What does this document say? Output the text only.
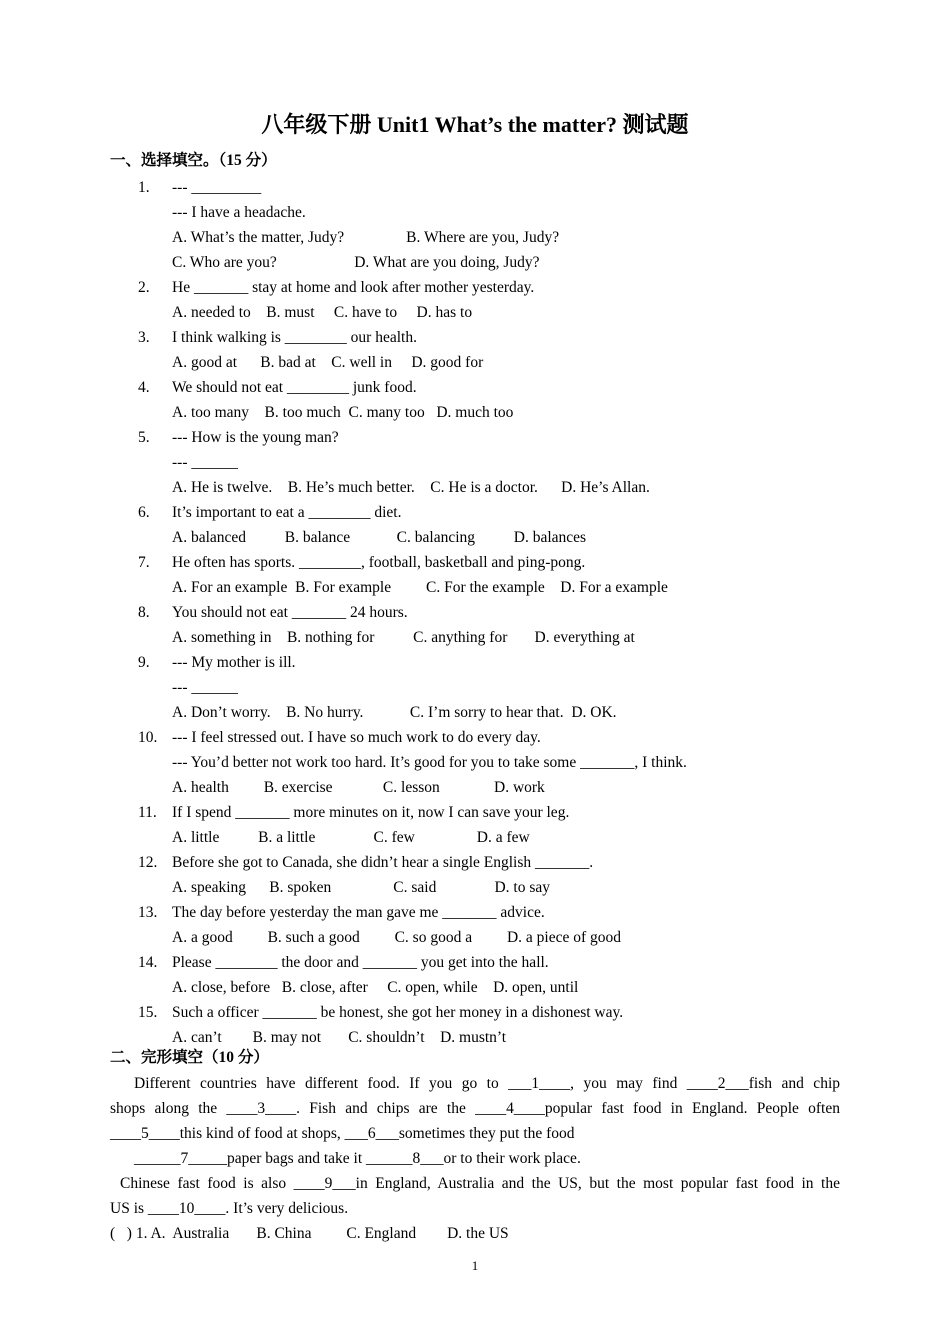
八年级下册 Unit1 What’s the matter? 测试题
一、选择填空。（15 分）
1.	--- _________
--- I have a headache.
A. What’s the matter, Judy?                B. Where are you, Judy?
C. Who are you?                    D. What are you doing, Judy?
2.	He _______ stay at home and look after mother yesterday.
A. needed to    B. must     C. have to     D. has to
3.	I think walking is ________ our health.
A. good at      B. bad at    C. well in     D. good for
4.	We should not eat ________ junk food.
A. too many    B. too much  C. many too   D. much too
5.	--- How is the young man?
--- ______
A. He is twelve.    B. He’s much better.    C. He is a doctor.      D. He’s Allan.
6.	It’s important to eat a ________ diet.
A. balanced          B. balance            C. balancing          D. balances
7.	He often has sports. ________, football, basketball and ping-pong.
A. For an example  B. For example         C. For the example    D. For a example
8.	You should not eat _______ 24 hours.
A. something in    B. nothing for          C. anything for       D. everything at
9.	--- My mother is ill.
--- ______
A. Don’t worry.    B. No hurry.            C. I’m sorry to hear that.  D. OK.
10. --- I feel stressed out. I have so much work to do every day.
--- You’d better not work too hard. It’s good for you to take some _______, I think.
A. health         B. exercise             C. lesson              D. work
11. If I spend _______ more minutes on it, now I can save your leg.
A. little          B. a little               C. few                D. a few
12. Before she got to Canada, she didn’t hear a single English _______.
A. speaking      B. spoken                C. said               D. to say
13. The day before yesterday the man gave me _______ advice.
A. a good         B. such a good         C. so good a         D. a piece of good
14. Please ________ the door and _______ you get into the hall.
A. close, before   B. close, after     C. open, while    D. open, until
15. Such a officer _______ be honest, she got her money in a dishonest way.
A. can’t        B. may not       C. shouldn’t    D. mustn’t
二、完形填空（10 分）
Different countries have different food. If you go to ___1____, you may find ____2___fish and chip
shops along the ____3____. Fish and chips are the ____4____popular fast food in England. People often
____5____this kind of food at shops, ___6___sometimes they put the food
______7_____paper bags and take it ______8___or to their work place.
Chinese fast food is also ____9___in England, Australia and the US, but the most popular fast food in the
US is ____10____. It’s very delicious.
(   ) 1. A.  Australia       B. China         C. England        D. the US
1
